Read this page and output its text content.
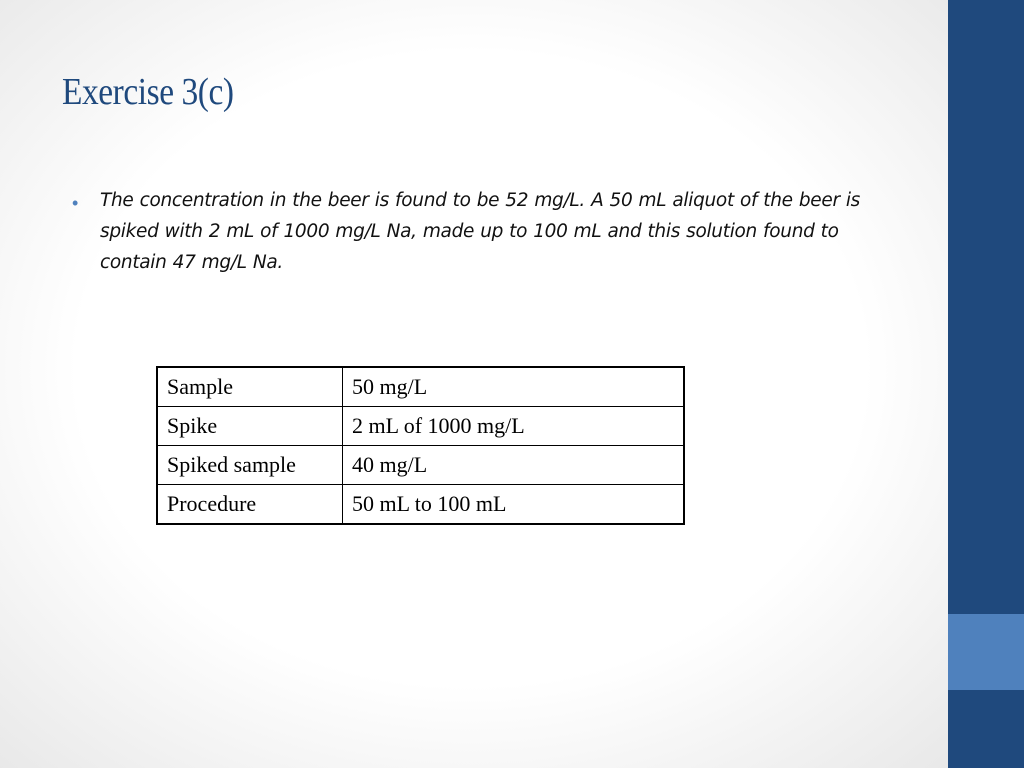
Exercise 3(c)
• The concentration in the beer is found to be 52 mg/L. A 50 mL aliquot of the beer is spiked with 2 mL of 1000 mg/L Na, made up to 100 mL and this solution found to contain 47 mg/L Na.
Sample	50 mg/L
Spike	2 mL of 1000 mg/L
Spiked sample	40 mg/L
Procedure	50 mL to 100 mL
